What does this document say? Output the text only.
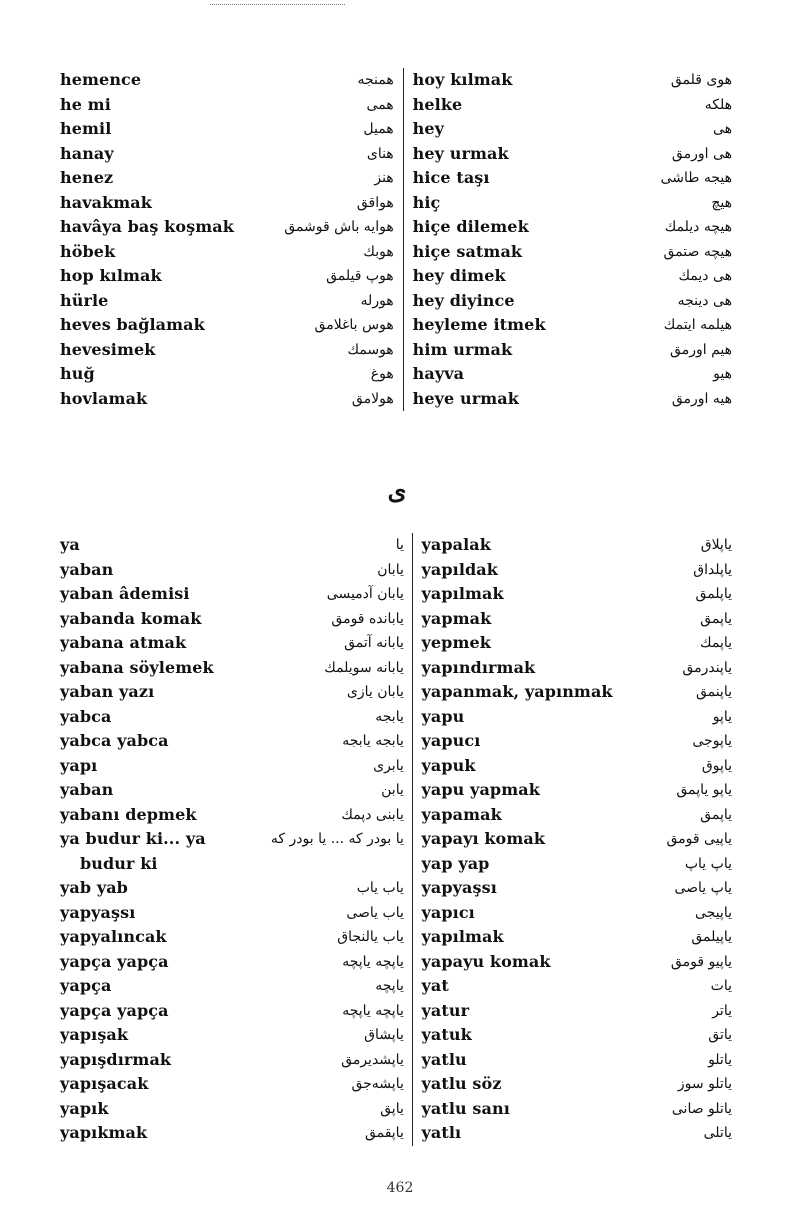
hemence	همنجه		hoy kılmak	هوی قلمق
he mi	همی		helke	هلكه
hemil	همیل		hey	هی
hanay	هنای		hey urmak	هی اورمق
henez	هنز		hice taşı	هیجه طاشی
havakmak	هواقق		hiç	هیچ
havâya baş koşmak	هوایه باش قوشمق		hiçe dilemek	هیچه دیلمك
höbek	هوبك		hiçe satmak	هیچه صتمق
hop kılmak	هوپ قیلمق		hey dimek	هی دیمك
hürle	هورله		hey diyince	هی دینجه
heves bağlamak	هوس باغلامق		heyleme itmek	هیلمه ایتمك
hevesimek	هوسمك		him urmak	هیم اورمق
huğ	هوغ		hayva	هیو
hovlamak	هولامق		heye urmak	هیه اورمق
ی
ya	یا		yapalak	یاپلاق
yaban	یابان		yapıldak	یاپلداق
yaban âdemisi	یابان آدمیسی		yapılmak	یاپلمق
yabanda komak	یابانده قومق		yapmak	یاپمق
yabana atmak	یابانه آتمق		yepmek	یاپمك
yabana söylemek	یابانه سویلمك		yapındırmak	یاپندرمق
yaban yazı	یابان یازی		yapanmak, yapınmak	یاپنمق
yabca	یابجه		yapu	یاپو
yabca yabca	یابجه یابجه		yapucı	یاپوجی
yapı	یابری		yapuk	یاپوق
yaban	یابن		yapu yapmak	یاپو یاپمق
yabanı depmek	یابنی دپمك		yapamak	یاپمق
ya budur ki... ya	یا بودر كه ... یا بودر كه		yapayı komak	یاپیی قومق
budur ki			yap yap	یاپ یاپ
yab yab	یاب یاب		yapyaşsı	یاپ یاصی
yapyaşsı	یاب یاصی		yapıcı	یاپیجی
yapyalıncak	یاب یالنجاق		yapılmak	یاپیلمق
yapça yapça	یاپچه یاپچه		yapayu komak	یاپیو قومق
yapça	یاپچه		yat	یات
yapça yapça	یاپچه یاپچه		yatur	یاتر
yapışak	یاپشاق		yatuk	یاتق
yapışdırmak	یاپشدیرمق		yatlu	یاتلو
yapışacak	یاپشه‌جق		yatlu söz	یاتلو سوز
yapık	یاپق		yatlu sanı	یاتلو صانی
yapıkmak	یاپقمق		yatlı	یاتلی
462
